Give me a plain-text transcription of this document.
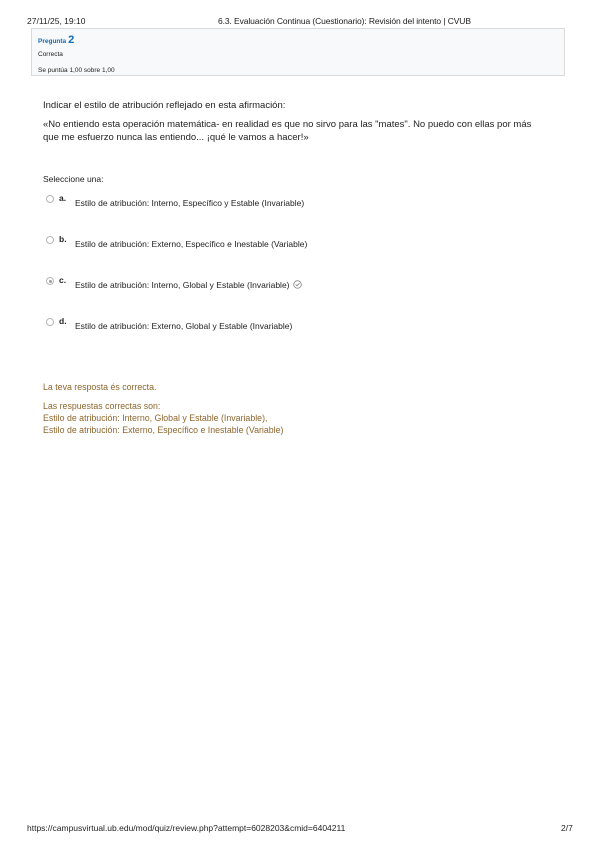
27/11/25, 19:10	6.3. Evaluación Continua (Cuestionario): Revisión del intento | CVUB
Pregunta 2
Correcta
Se puntúa 1,00 sobre 1,00
Indicar el estilo de atribución reflejado en esta afirmación:
«No entiendo esta operación matemática- en realidad es que no sirvo para las "mates". No puedo con ellas por más que me esfuerzo nunca las entiendo... ¡qué le vamos a hacer!»
Seleccione una:
a. Estilo de atribución: Interno, Específico y Estable (Invariable)
b. Estilo de atribución: Externo, Específico e Inestable (Variable)
c. Estilo de atribución: Interno, Global y Estable (Invariable)
d. Estilo de atribución: Externo, Global y Estable (Invariable)
La teva resposta és correcta.
Las respuestas correctas son:
Estilo de atribución: Interno, Global y Estable (Invariable),
Estilo de atribución: Externo, Específico e Inestable (Variable)
https://campusvirtual.ub.edu/mod/quiz/review.php?attempt=6028203&cmid=6404211	2/7
